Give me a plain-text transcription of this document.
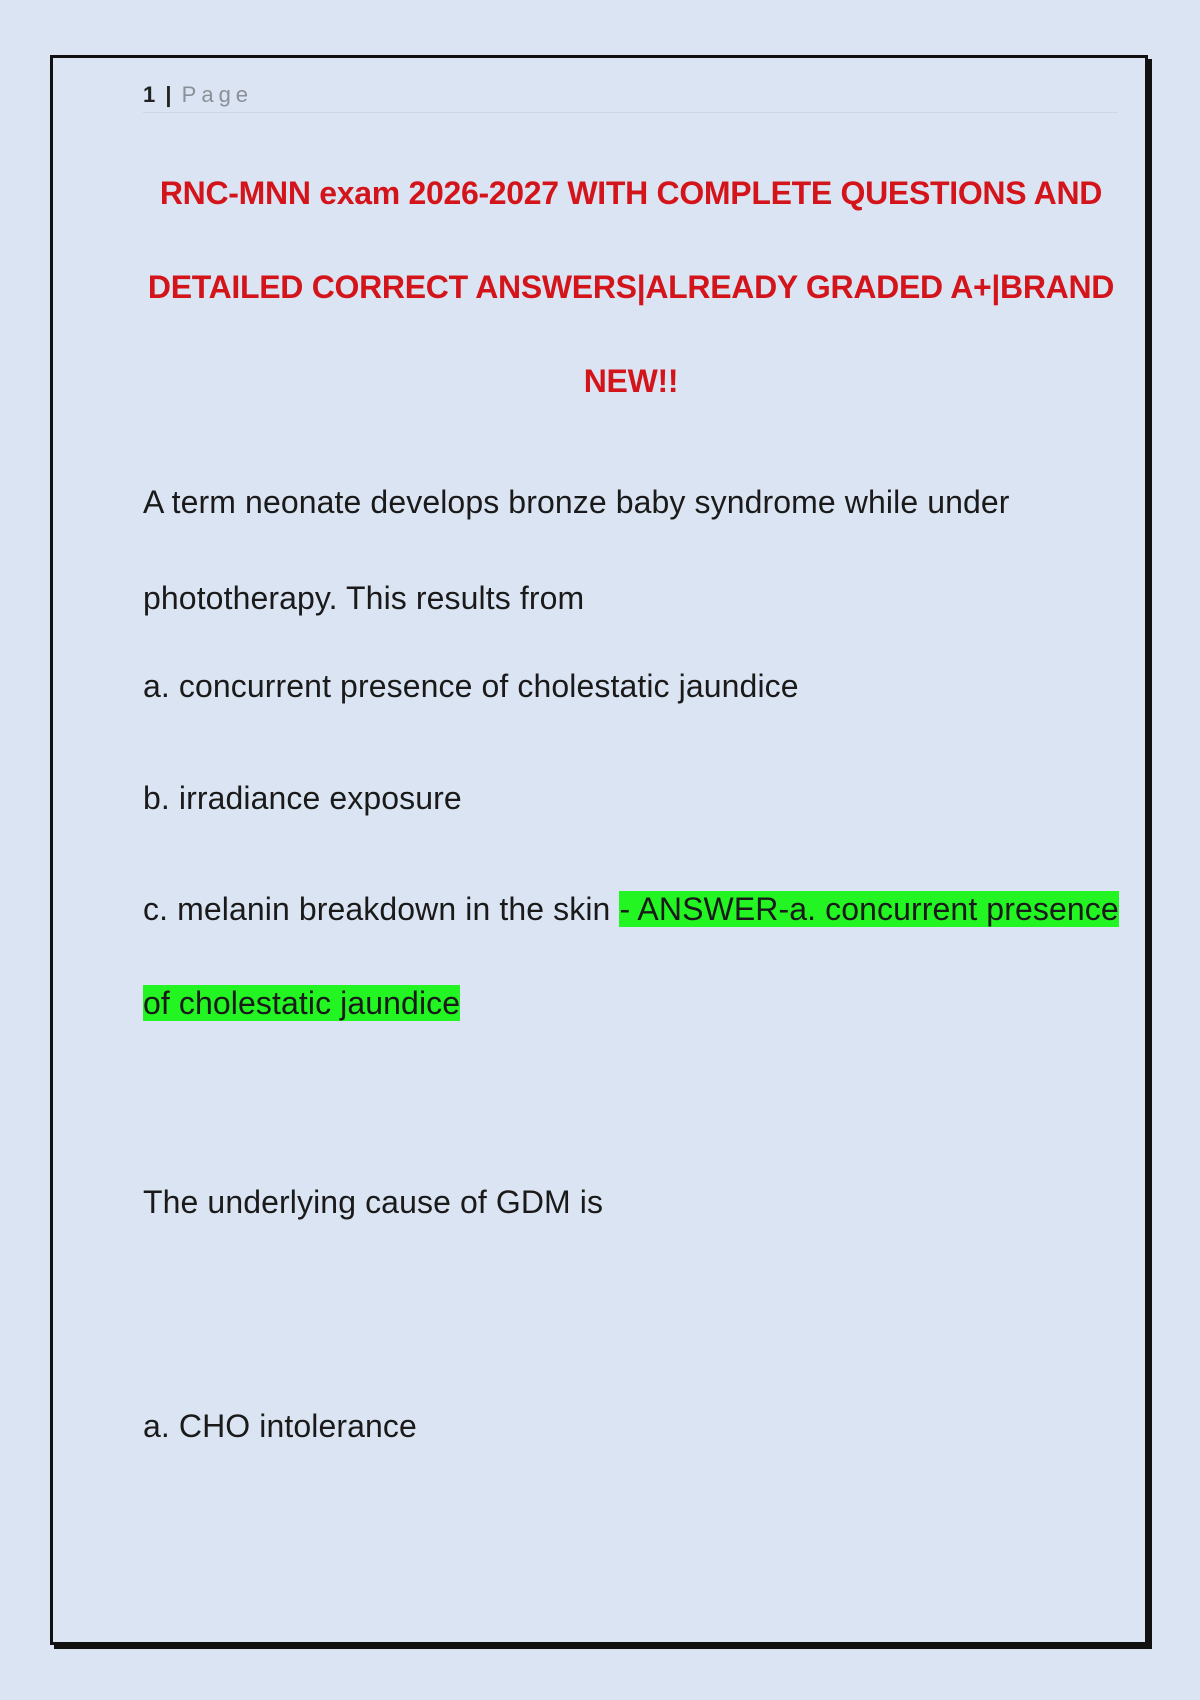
1 | Page
RNC-MNN exam 2026-2027 WITH COMPLETE QUESTIONS AND DETAILED CORRECT ANSWERS|ALREADY GRADED A+|BRAND NEW!!
A term neonate develops bronze baby syndrome while under phototherapy. This results from
a. concurrent presence of cholestatic jaundice
b. irradiance exposure
c. melanin breakdown in the skin - ANSWER-a. concurrent presence of cholestatic jaundice
The underlying cause of GDM is
a. CHO intolerance
